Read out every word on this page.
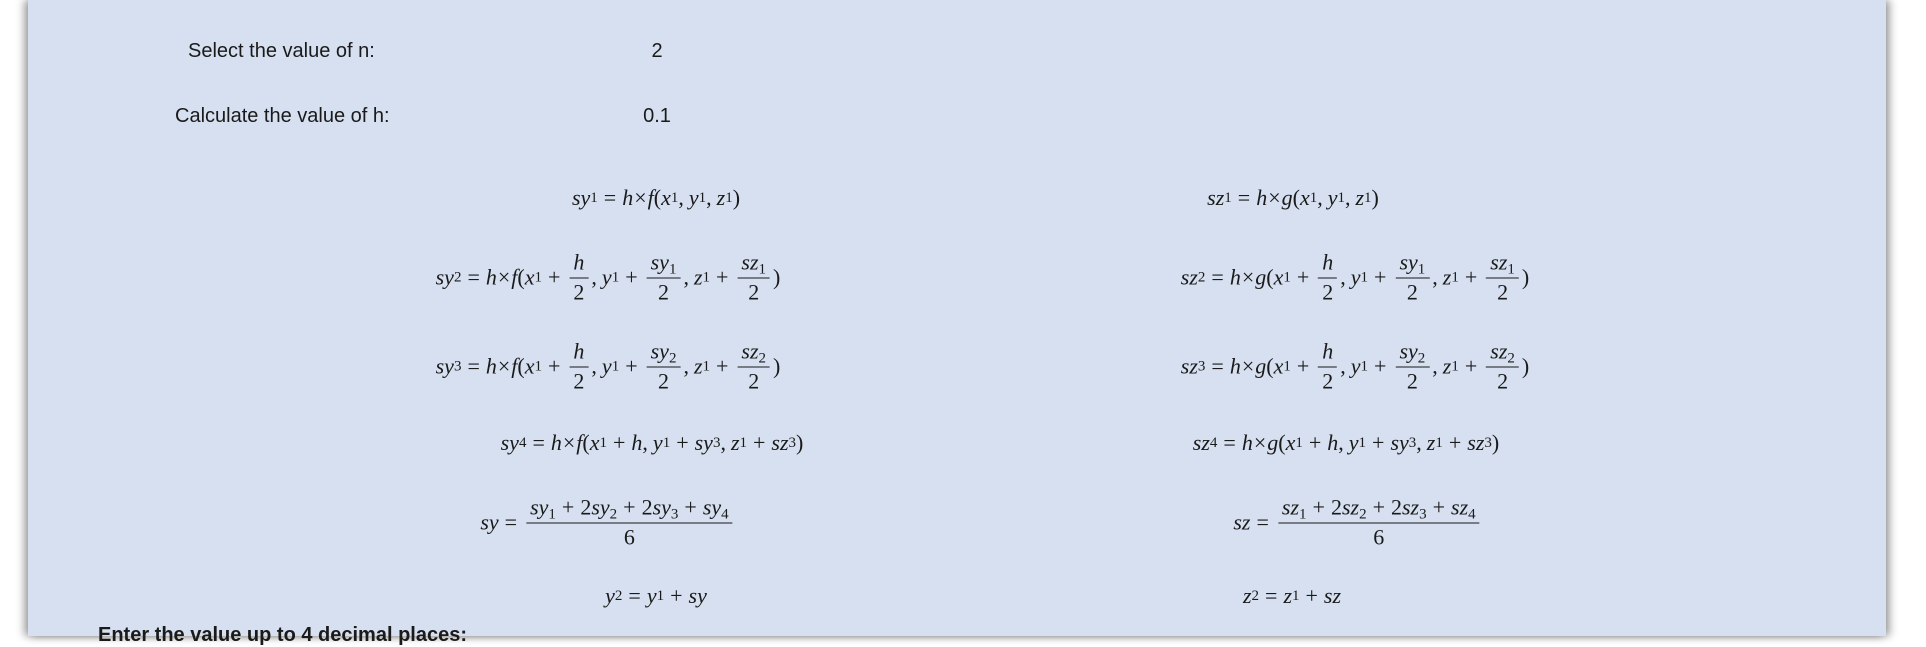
Select the value of n:	2
Calculate the value of h:	0.1
sy 1 = h × f ( x 1 , y 1 , z 1 )
sy 2 = h × f ( x $1 + \frac{h}{2}$ , y $1 + \frac{sy_1}{2}$ , z $1 + \frac{sz_1}{2}$ )
sy 3 = h × f ( x $1 + \frac{h}{2}$ , y $1 + \frac{sy_2}{2}$ , z $1 + \frac{sz_2}{2}$ )
sy 4 = h × f ( x 1 + h , y 1 + sy 3 , z 1 + sz 3 )
sy = $\frac{sy_1 + 2sy_2 + 2sy_3 + sy_4}{6}$
y 2 = y 1 + sy
sz 1 = h × g ( x 1 , y 1 , z 1 )
sz 2 = h × g ( x $1 + \frac{h}{2}$ , y $1 + \frac{sy_1}{2}$ , z $1 + \frac{sz_1}{2}$ )
sz 3 = h × g ( x $1 + \frac{h}{2}$ , y $1 + \frac{sy_2}{2}$ , z $1 + \frac{sz_2}{2}$ )
sz 4 = h × g ( x 1 + h , y 1 + sy 3 , z 1 + sz 3 )
sz = $\frac{sz_1 + 2sz_2 + 2sz_3 + sz_4}{6}$
z 2 = z 1 + sz
Enter the value up to 4 decimal places:
